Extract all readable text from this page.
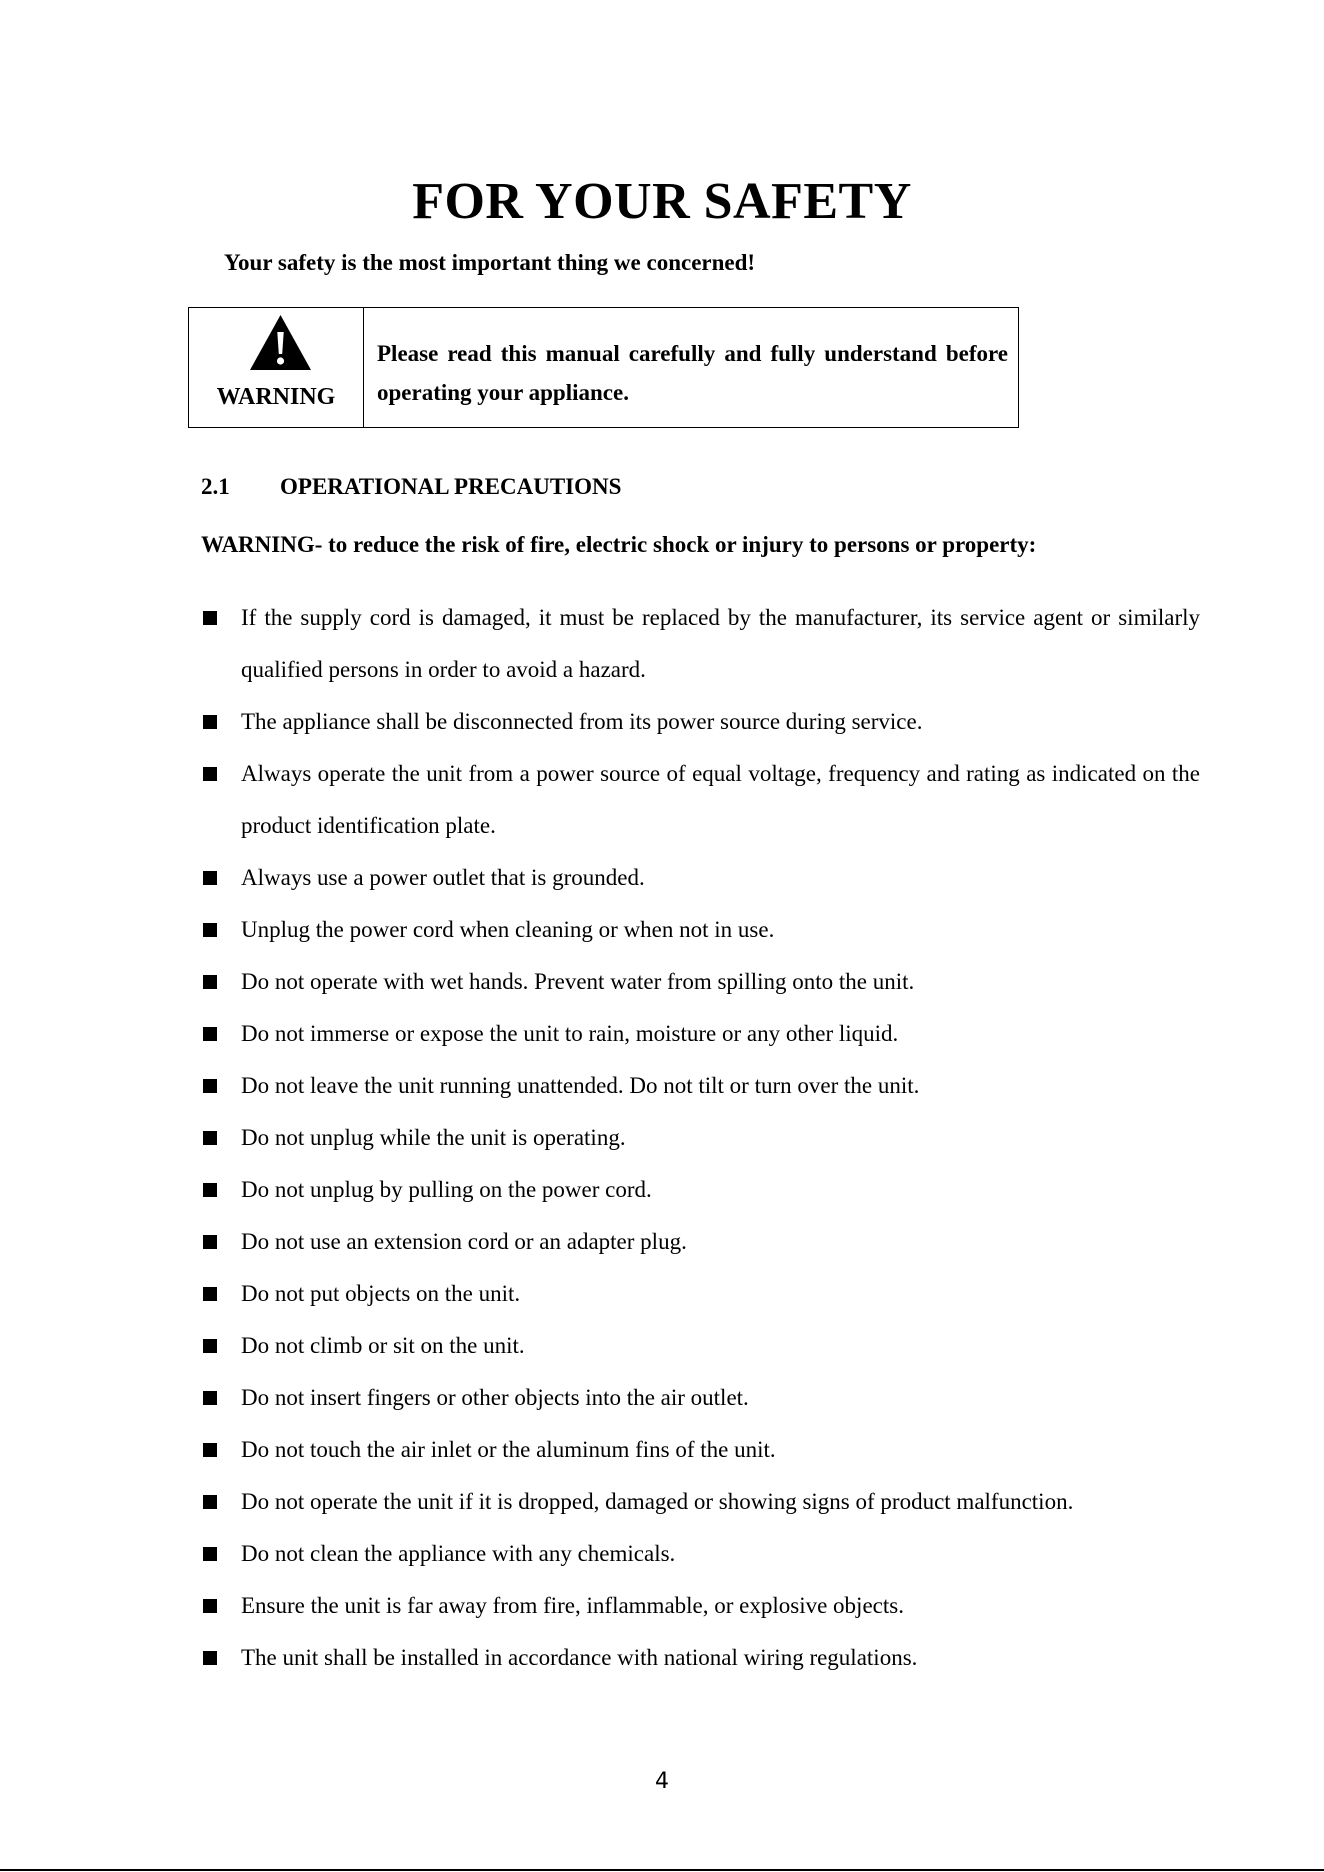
FOR YOUR SAFETY
Your safety is the most important thing we concerned!
WARNING
Please read this manual carefully and fully understand before operating your appliance.
2.1	OPERATIONAL PRECAUTIONS
WARNING- to reduce the risk of fire, electric shock or injury to persons or property:
If the supply cord is damaged, it must be replaced by the manufacturer, its service agent or similarly qualified persons in order to avoid a hazard.
The appliance shall be disconnected from its power source during service.
Always operate the unit from a power source of equal voltage, frequency and rating as indicated on the product identification plate.
Always use a power outlet that is grounded.
Unplug the power cord when cleaning or when not in use.
Do not operate with wet hands. Prevent water from spilling onto the unit.
Do not immerse or expose the unit to rain, moisture or any other liquid.
Do not leave the unit running unattended. Do not tilt or turn over the unit.
Do not unplug while the unit is operating.
Do not unplug by pulling on the power cord.
Do not use an extension cord or an adapter plug.
Do not put objects on the unit.
Do not climb or sit on the unit.
Do not insert fingers or other objects into the air outlet.
Do not touch the air inlet or the aluminum fins of the unit.
Do not operate the unit if it is dropped, damaged or showing signs of product malfunction.
Do not clean the appliance with any chemicals.
Ensure the unit is far away from fire, inflammable, or explosive objects.
The unit shall be installed in accordance with national wiring regulations.
4
